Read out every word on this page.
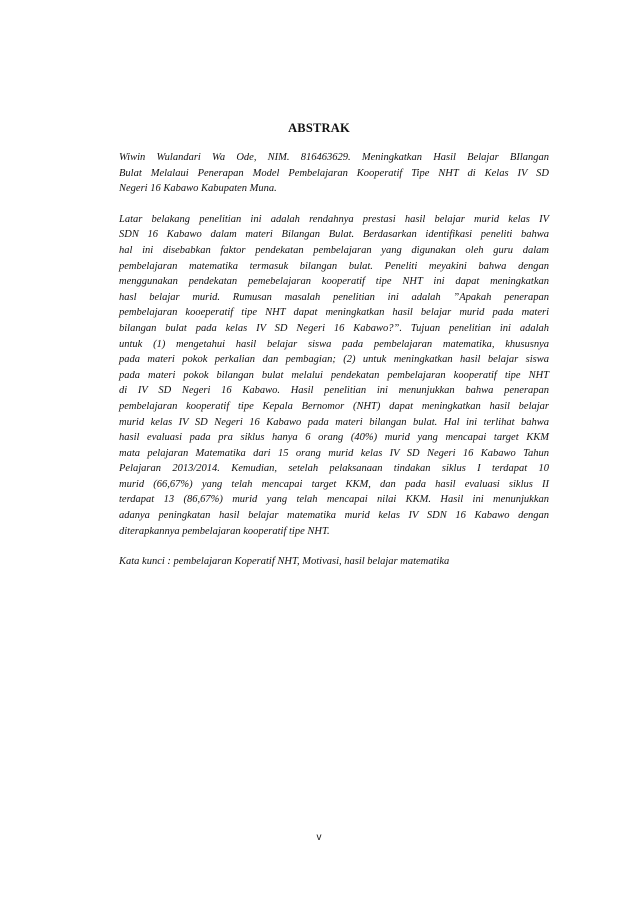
ABSTRAK
Wiwin Wulandari Wa Ode, NIM. 816463629. Meningkatkan Hasil Belajar BIlangan
Bulat Melalaui Penerapan Model Pembelajaran Kooperatif Tipe NHT di Kelas IV SD
Negeri 16 Kabawo Kabupaten Muna.
Latar belakang penelitian ini adalah rendahnya prestasi hasil belajar murid kelas IV
SDN 16 Kabawo dalam materi Bilangan Bulat. Berdasarkan identifikasi peneliti bahwa
hal ini disebabkan faktor pendekatan pembelajaran yang digunakan oleh guru dalam
pembelajaran matematika termasuk bilangan bulat. Peneliti meyakini bahwa dengan
menggunakan pendekatan pemebelajaran kooperatif tipe NHT ini dapat meningkatkan
hasl belajar murid. Rumusan masalah penelitian ini adalah ”Apakah penerapan
pembelajaran kooeperatif tipe NHT dapat meningkatkan hasil belajar murid pada materi
bilangan bulat pada kelas IV SD Negeri 16 Kabawo?”. Tujuan penelitian ini adalah
untuk (1) mengetahui hasil belajar siswa pada pembelajaran matematika, khususnya
pada materi pokok perkalian dan pembagian; (2) untuk meningkatkan hasil belajar siswa
pada materi pokok bilangan bulat melalui pendekatan pembelajaran kooperatif tipe NHT
di IV SD Negeri 16 Kabawo. Hasil penelitian ini menunjukkan bahwa penerapan
pembelajaran kooperatif tipe Kepala Bernomor (NHT) dapat meningkatkan hasil belajar
murid kelas IV SD Negeri 16 Kabawo pada materi bilangan bulat. Hal ini terlihat bahwa
hasil evaluasi pada pra siklus hanya 6 orang (40%) murid yang mencapai target KKM
mata pelajaran Matematika dari 15 orang murid kelas IV SD Negeri 16 Kabawo Tahun
Pelajaran 2013/2014. Kemudian, setelah pelaksanaan tindakan siklus I terdapat 10
murid (66,67%) yang telah mencapai target KKM, dan pada hasil evaluasi siklus II
terdapat 13 (86,67%) murid yang telah mencapai nilai KKM. Hasil ini menunjukkan
adanya peningkatan hasil belajar matematika murid kelas IV SDN 16 Kabawo dengan
diterapkannya pembelajaran kooperatif tipe NHT.
Kata kunci : pembelajaran Koperatif NHT, Motivasi, hasil belajar matematika
v
